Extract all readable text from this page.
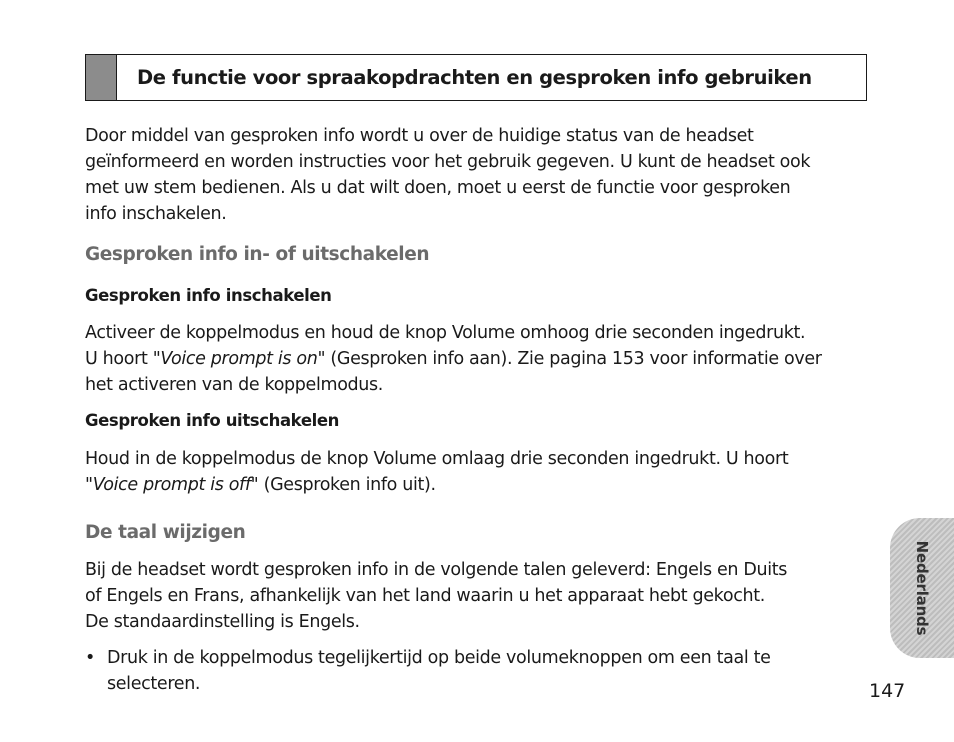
De functie voor spraakopdrachten en gesproken info gebruiken

Door middel van gesproken info wordt u over de huidige status van de headset
geïnformeerd en worden instructies voor het gebruik gegeven. U kunt de headset ook
met uw stem bedienen. Als u dat wilt doen, moet u eerst de functie voor gesproken
info inschakelen.

Gesproken info in- of uitschakelen
Gesproken info inschakelen

Activeer de koppelmodus en houd de knop Volume omhoog drie seconden ingedrukt.
U hoort "Voice prompt is on" (Gesproken info aan). Zie pagina 153 voor informatie over
het activeren van de koppelmodus.

Gesproken info uitschakelen

Houd in de koppelmodus de knop Volume omlaag drie seconden ingedrukt. U hoort
"Voice prompt is off" (Gesproken info uit).

De taal wijzigen

Bij de headset wordt gesproken info in de volgende talen geleverd: Engels en Duits
of Engels en Frans, afhankelijk van het land waarin u het apparaat hebt gekocht.
De standaardinstelling is Engels.

• Druk in de koppelmodus tegelijkertijd op beide volumeknoppen om een taal te
selecteren.
Nederlands
147
